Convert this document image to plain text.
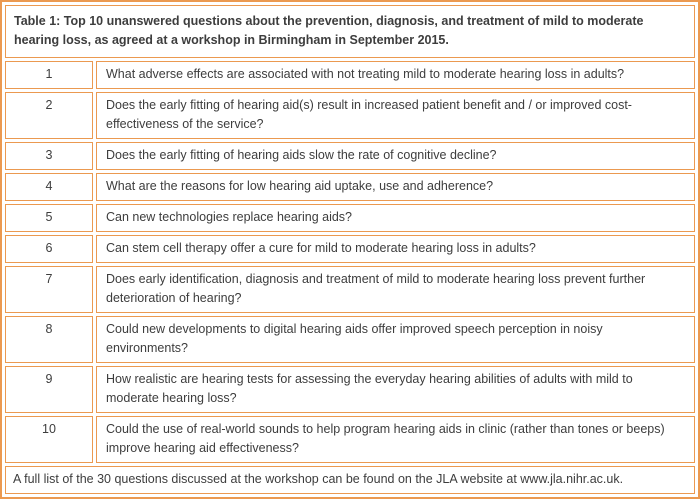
Table 1: Top 10 unanswered questions about the prevention, diagnosis, and treatment of mild to moderate hearing loss, as agreed at a workshop in Birmingham in September 2015.	
1	What adverse effects are associated with not treating mild to moderate hearing loss in adults?
2	Does the early fitting of hearing aid(s) result in increased patient benefit and / or improved cost-effectiveness of the service?
3	Does the early fitting of hearing aids slow the rate of cognitive decline?
4	What are the reasons for low hearing aid uptake, use and adherence?
5	Can new technologies replace hearing aids?
6	Can stem cell therapy offer a cure for mild to moderate hearing loss in adults?
7	Does early identification, diagnosis and treatment of mild to moderate hearing loss prevent further deterioration of hearing?
8	Could new developments to digital hearing aids offer improved speech perception in noisy environments?
9	How realistic are hearing tests for assessing the everyday hearing abilities of adults with mild to moderate hearing loss?
10	Could the use of real-world sounds to help program hearing aids in clinic (rather than tones or beeps) improve hearing aid effectiveness?
A full list of the 30 questions discussed at the workshop can be found on the JLA website at www.jla.nihr.ac.uk.	
